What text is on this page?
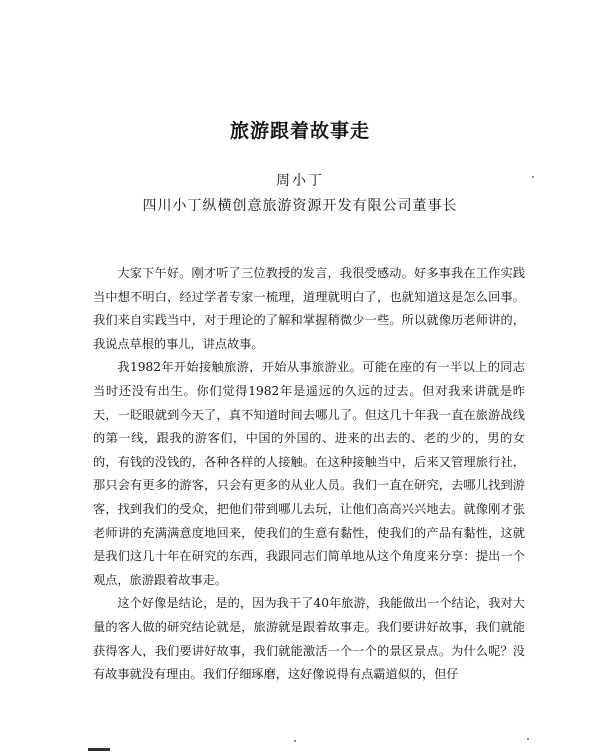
旅游跟着故事走
周小丁
四川小丁纵横创意旅游资源开发有限公司董事长

大家下午好。刚才听了三位教授的发言，我很受感动。好多事我在工作实践当中想不明白，经过学者专家一梳理，道理就明白了，也就知道这是怎么回事。我们来自实践当中，对于理论的了解和掌握稍微少一些。所以就像历老师讲的，我说点草根的事儿，讲点故事。

我1982年开始接触旅游，开始从事旅游业。可能在座的有一半以上的同志当时还没有出生。你们觉得1982年是遥远的久远的过去。但对我来讲就是昨天，一眨眼就到今天了，真不知道时间去哪儿了。但这几十年我一直在旅游战线的第一线，跟我的游客们，中国的外国的、进来的出去的、老的少的，男的女的，有钱的没钱的，各种各样的人接触。在这种接触当中，后来又管理旅行社，那只会有更多的游客，只会有更多的从业人员。我们一直在研究，去哪儿找到游客，找到我们的受众，把他们带到哪儿去玩，让他们高高兴兴地去。就像刚才张老师讲的充满满意度地回来，使我们的生意有黏性，使我们的产品有黏性，这就是我们这几十年在研究的东西，我跟同志们简单地从这个角度来分享：提出一个观点，旅游跟着故事走。

这个好像是结论，是的，因为我干了40年旅游，我能做出一个结论，我对大量的客人做的研究结论就是，旅游就是跟着故事走。我们要讲好故事，我们就能获得客人，我们要讲好故事，我们就能激活一个一个的景区景点。为什么呢？没有故事就没有理由。我们仔细琢磨，这好像说得有点霸道似的，但仔
